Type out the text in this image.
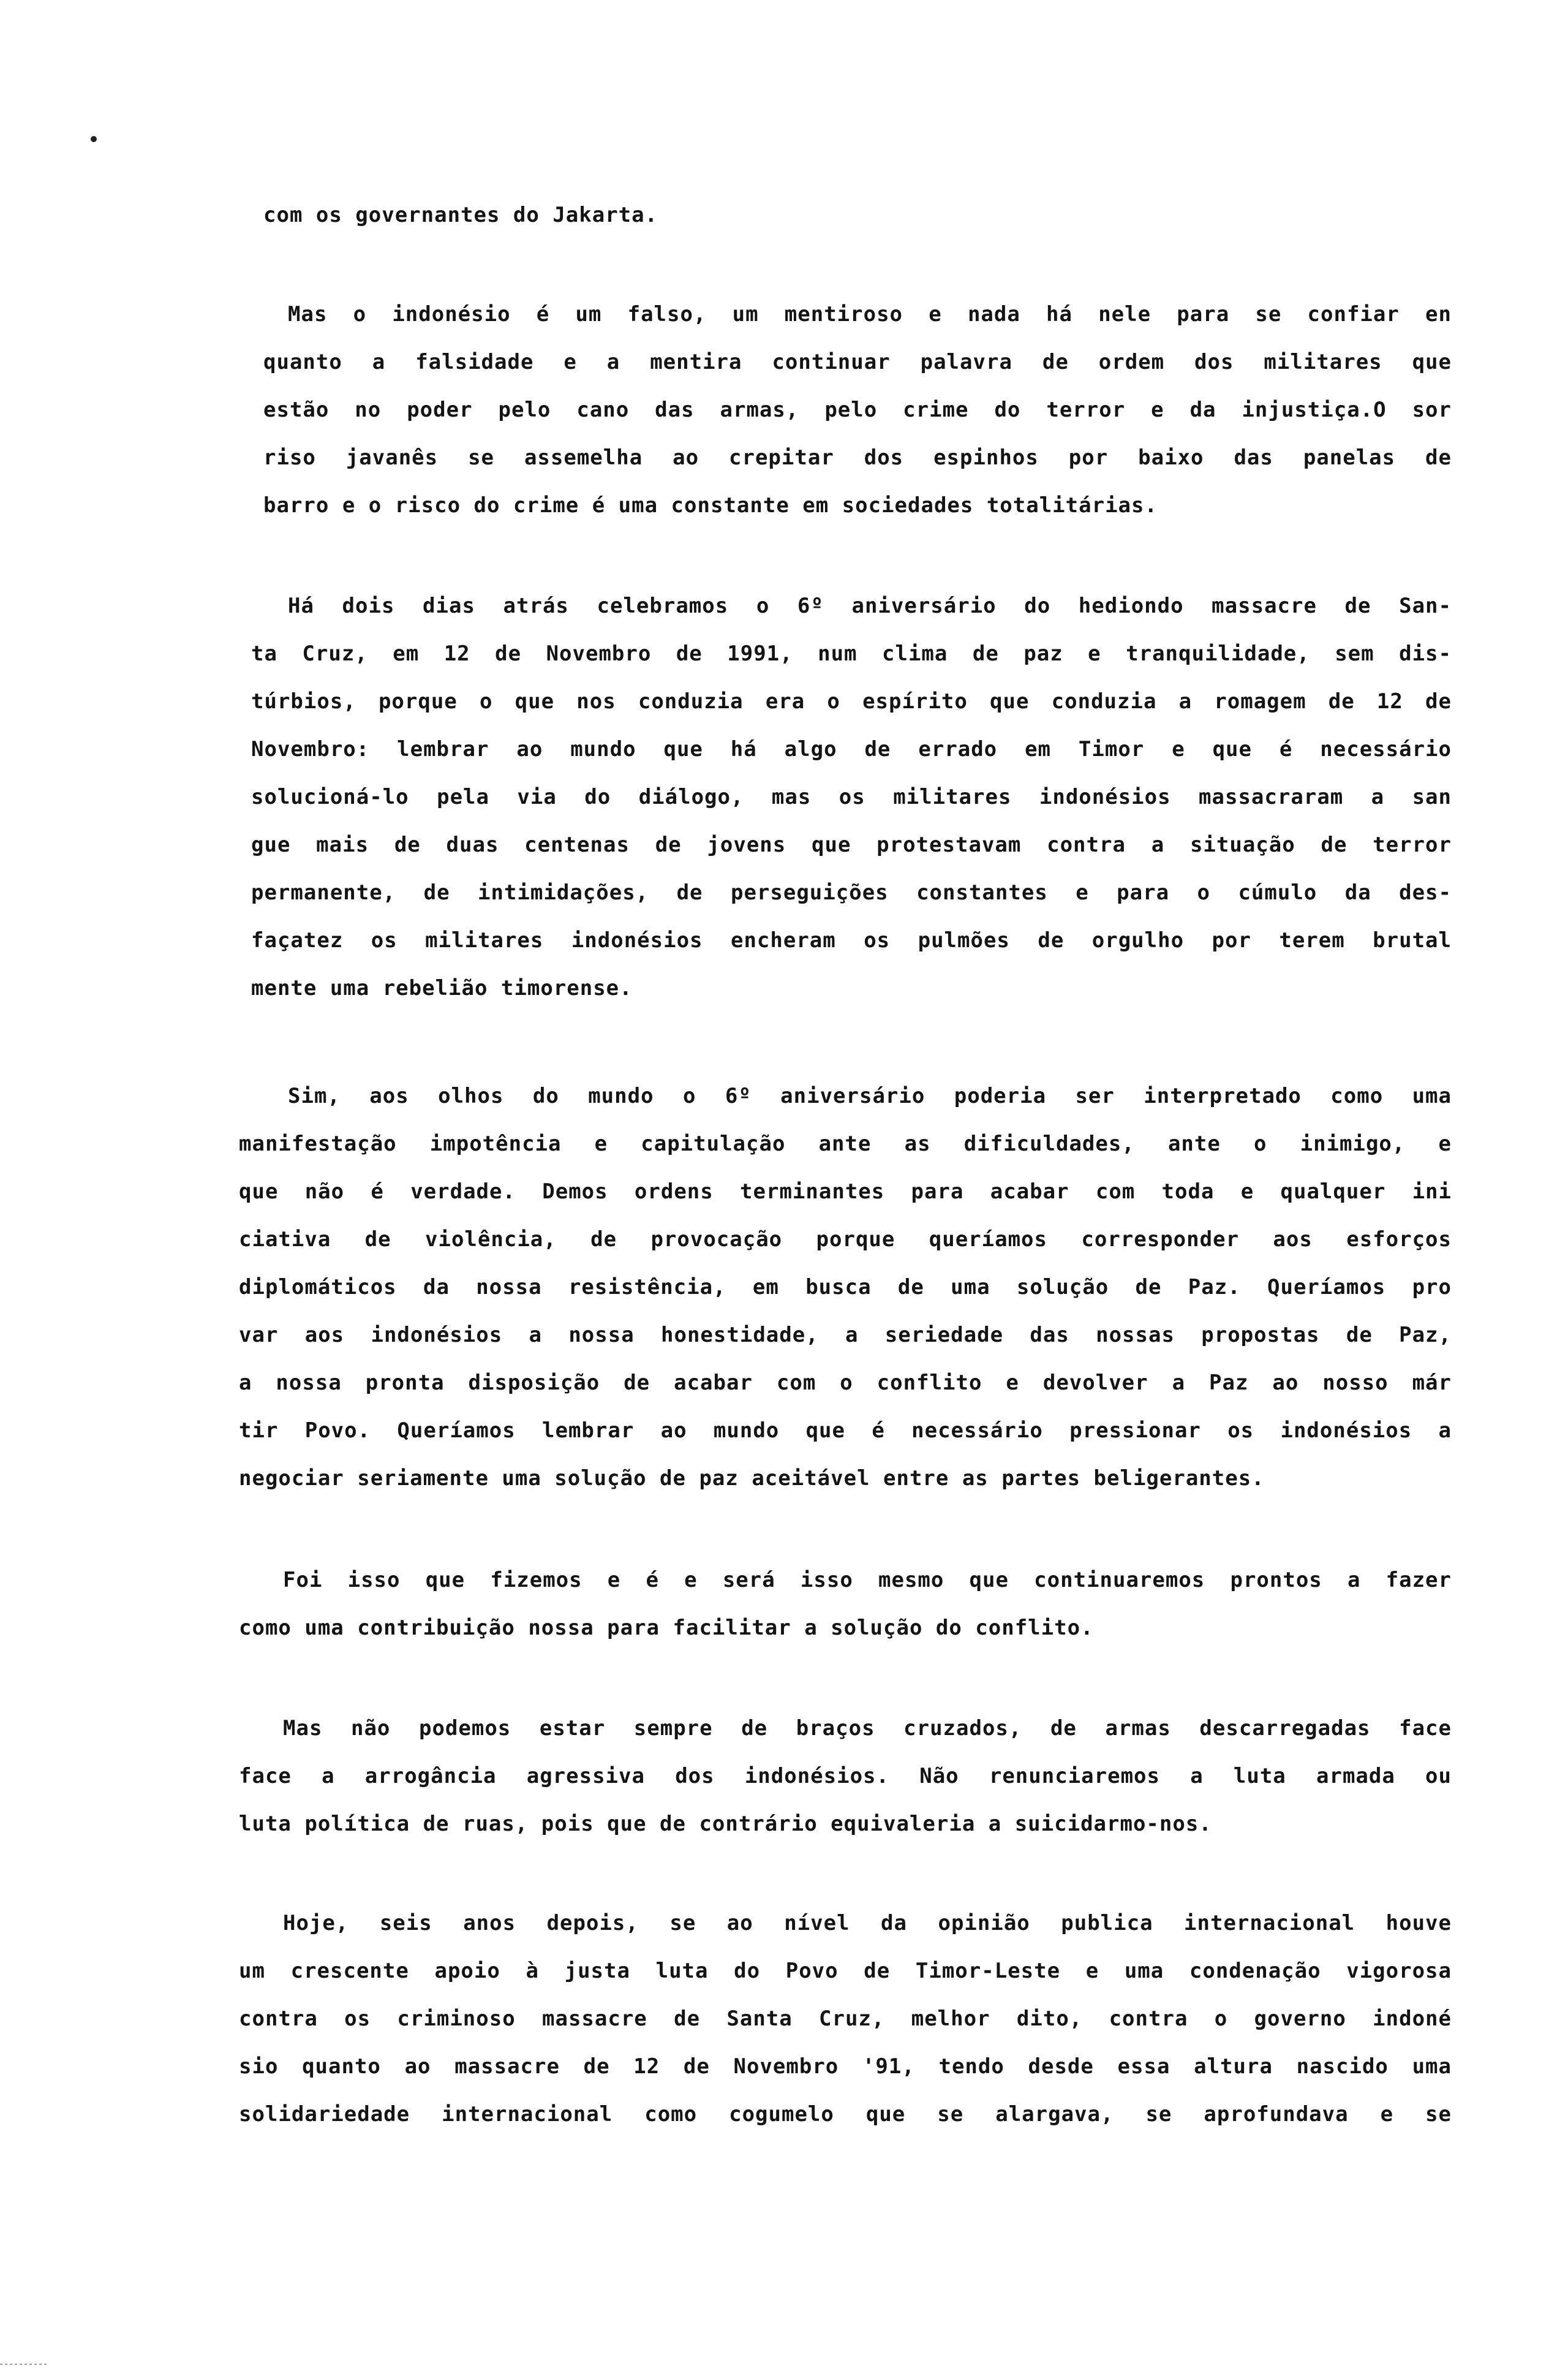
com os governantes do Jakarta.
Mas o indonésio é um falso, um mentiroso e nada há nele para se confiar en
quanto a falsidade e a mentira continuar palavra de ordem dos militares que
estão no poder pelo cano das armas, pelo crime do terror e da injustiça.O sor
riso javanês se assemelha ao crepitar dos espinhos por baixo das panelas de
barro e o risco do crime é uma constante em sociedades totalitárias.
Há dois dias atrás celebramos o 6º aniversário do hediondo massacre de San-
ta Cruz, em 12 de Novembro de 1991, num clima de paz e tranquilidade, sem dis-
túrbios, porque o que nos conduzia era o espírito que conduzia a romagem de 12 de
Novembro: lembrar ao mundo que há algo de errado em Timor e que é necessário
solucioná-lo pela via do diálogo, mas os militares indonésios massacraram a san
gue mais de duas centenas de jovens que protestavam contra a situação de terror
permanente, de intimidações, de perseguições constantes e para o cúmulo da des-
façatez os militares indonésios encheram os pulmões de orgulho por terem brutal
mente uma rebelião timorense.
Sim, aos olhos do mundo o 6º aniversário poderia ser interpretado como uma
manifestação impotência e capitulação ante as dificuldades, ante o inimigo, e
que não é verdade. Demos ordens terminantes para acabar com toda e qualquer ini
ciativa de violência, de provocação porque queríamos corresponder aos esforços
diplomáticos da nossa resistência, em busca de uma solução de Paz. Queríamos pro
var aos indonésios a nossa honestidade, a seriedade das nossas propostas de Paz,
a nossa pronta disposição de acabar com o conflito e devolver a Paz ao nosso már
tir Povo. Queríamos lembrar ao mundo que é necessário pressionar os indonésios a
negociar seriamente uma solução de paz aceitável entre as partes beligerantes.
Foi isso que fizemos e é e será isso mesmo que continuaremos prontos a fazer
como uma contribuição nossa para facilitar a solução do conflito.
Mas não podemos estar sempre de braços cruzados, de armas descarregadas face
face a arrogância agressiva dos indonésios. Não renunciaremos a luta armada ou
luta política de ruas, pois que de contrário equivaleria a suicidarmo-nos.
Hoje, seis anos depois, se ao nível da opinião publica internacional houve
um crescente apoio à justa luta do Povo de Timor-Leste e uma condenação vigorosa
contra os criminoso massacre de Santa Cruz, melhor dito, contra o governo indoné
sio quanto ao massacre de 12 de Novembro '91, tendo desde essa altura nascido uma
solidariedade internacional como cogumelo que se alargava, se aprofundava e se
